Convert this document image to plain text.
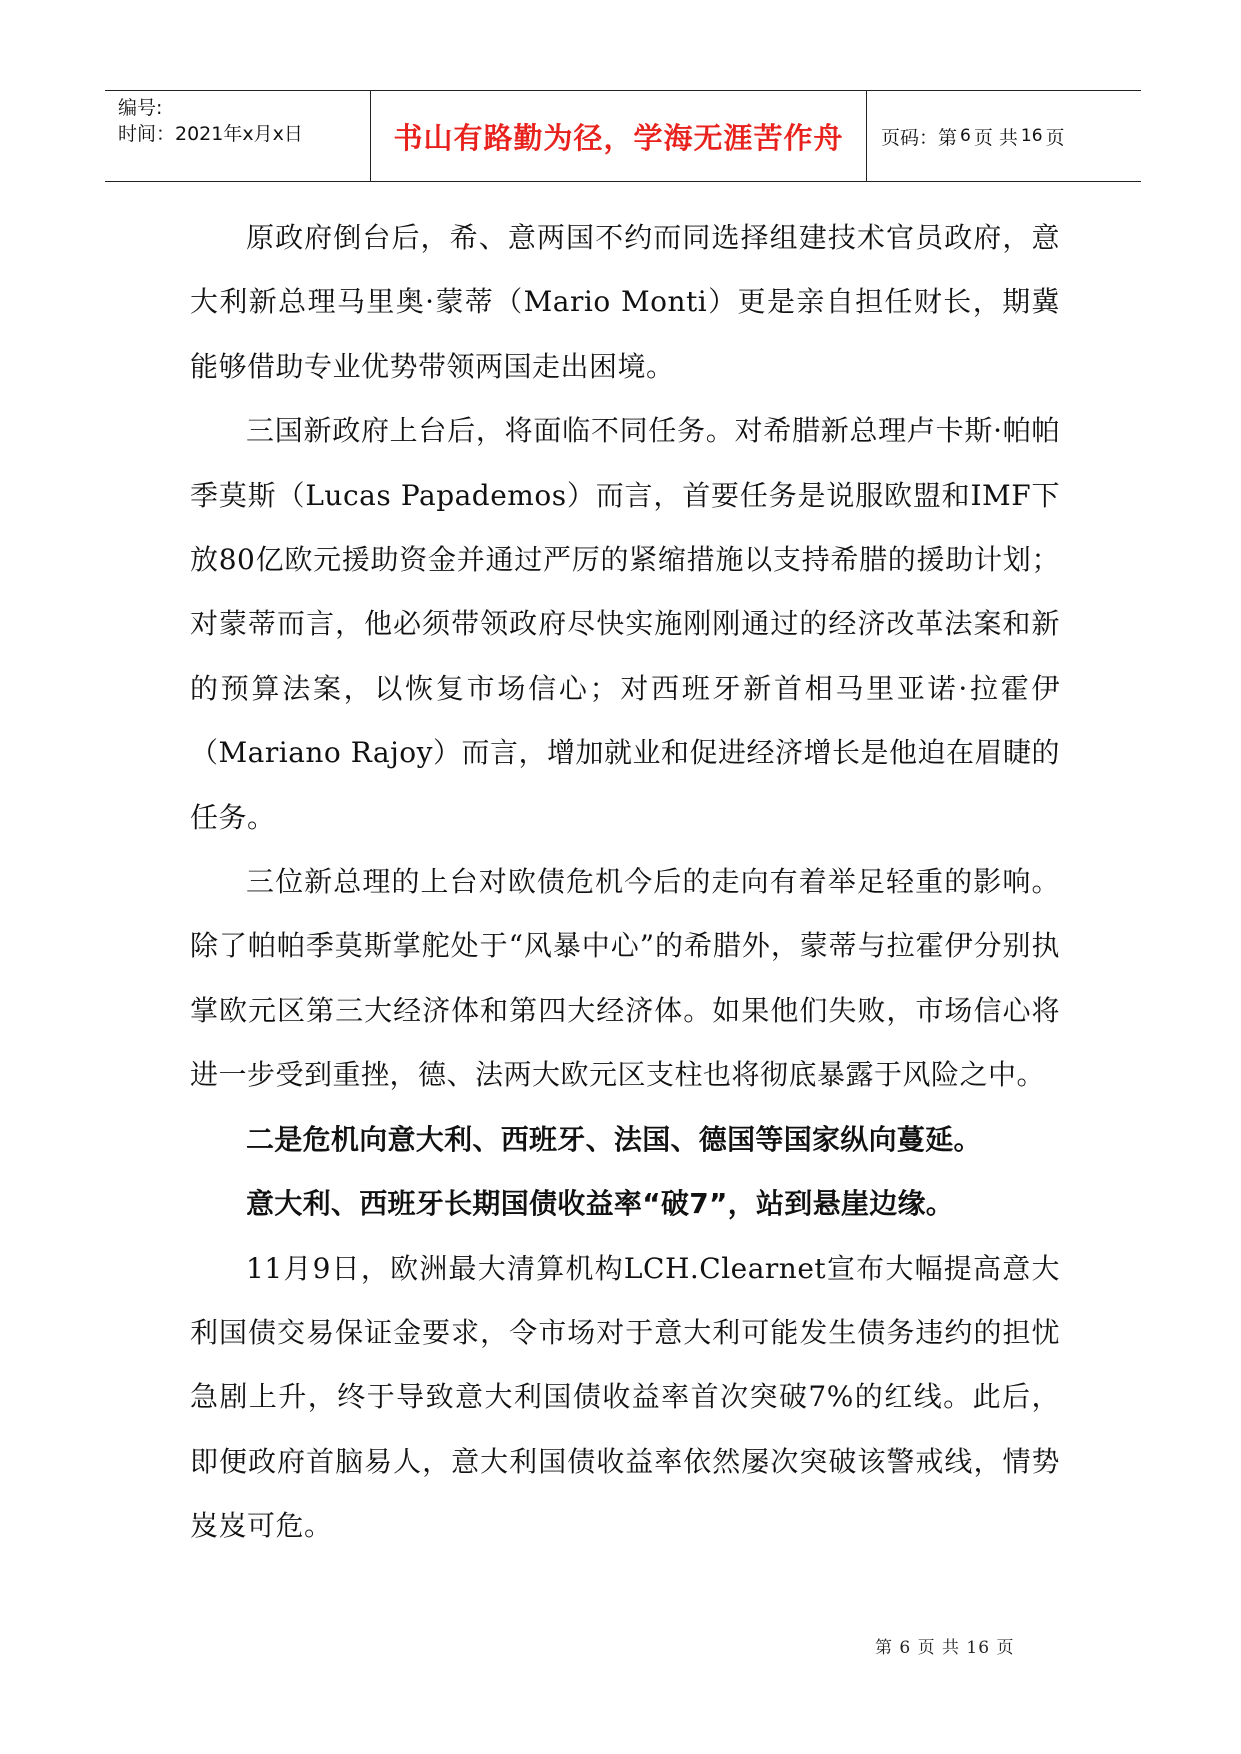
编号:
时间：2021年x月x日	书山有路勤为径，学海无涯苦作舟 页码：第 6 页 共 16 页

原政府倒台后，希、意两国不约而同选择组建技术官员政府，意大利新总理马里奥·蒙蒂（Mario Monti）更是亲自担任财长，期冀能够借助专业优势带领两国走出困境。

三国新政府上台后，将面临不同任务。对希腊新总理卢卡斯·帕帕季莫斯（Lucas Papademos）而言，首要任务是说服欧盟和IMF下放80亿欧元援助资金并通过严厉的紧缩措施以支持希腊的援助计划；对蒙蒂而言，他必须带领政府尽快实施刚刚通过的经济改革法案和新的预算法案，以恢复市场信心；对西班牙新首相马里亚诺·拉霍伊（Mariano Rajoy）而言，增加就业和促进经济增长是他迫在眉睫的任务。

三位新总理的上台对欧债危机今后的走向有着举足轻重的影响。除了帕帕季莫斯掌舵处于“风暴中心”的希腊外，蒙蒂与拉霍伊分别执掌欧元区第三大经济体和第四大经济体。如果他们失败，市场信心将进一步受到重挫，德、法两大欧元区支柱也将彻底暴露于风险之中。

二是危机向意大利、西班牙、法国、德国等国家纵向蔓延。

意大利、西班牙长期国债收益率“破7”，站到悬崖边缘。

11月9日，欧洲最大清算机构LCH.Clearnet宣布大幅提高意大利国债交易保证金要求，令市场对于意大利可能发生债务违约的担忧急剧上升，终于导致意大利国债收益率首次突破7%的红线。此后，即便政府首脑易人，意大利国债收益率依然屡次突破该警戒线，情势岌岌可危。

第 6 页 共 16 页
